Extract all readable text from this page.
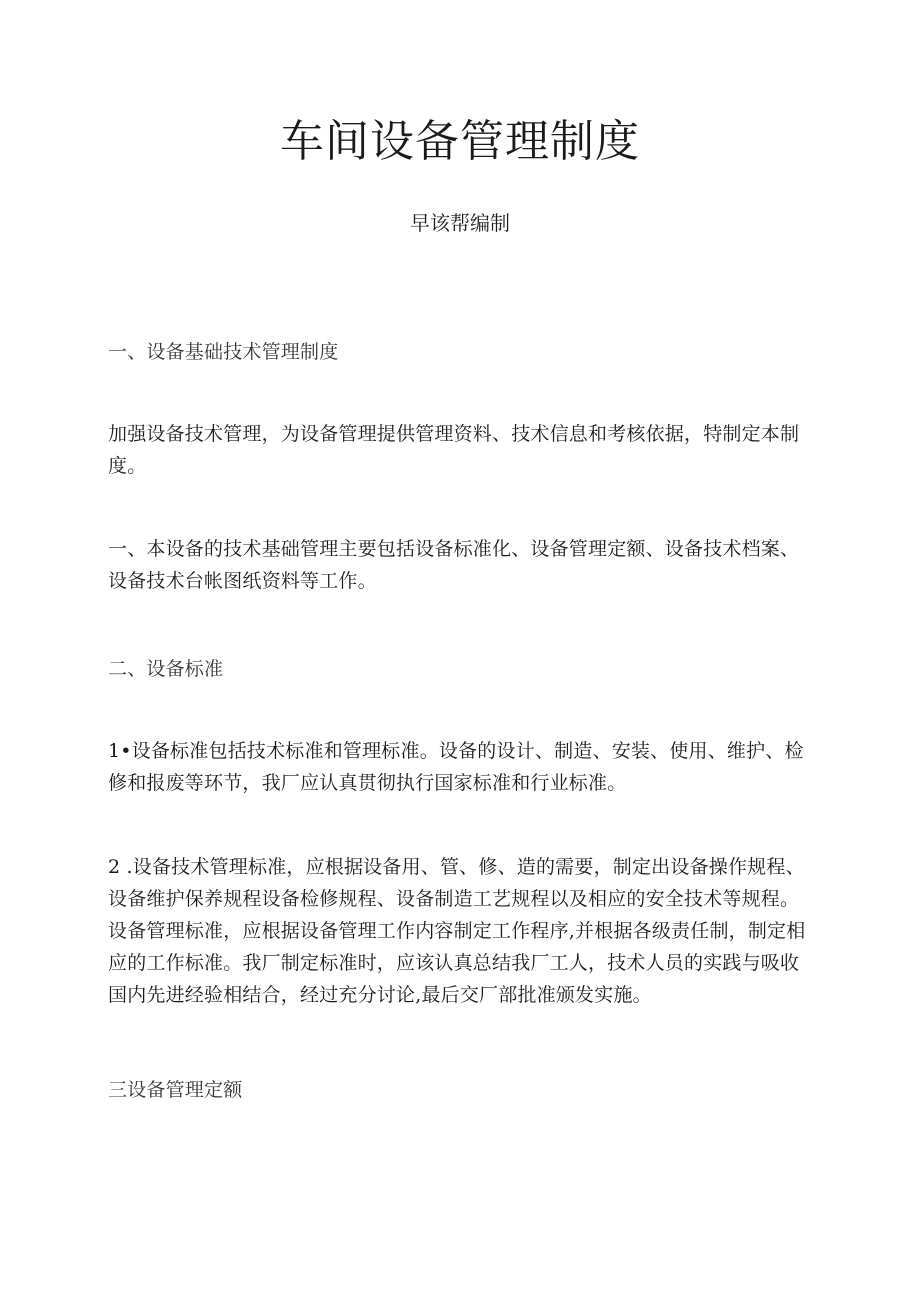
车间设备管理制度
早该帮编制

一、设备基础技术管理制度

加强设备技术管理，为设备管理提供管理资料、技术信息和考核依据，特制定本制度。

一、本设备的技术基础管理主要包括设备标准化、设备管理定额、设备技术档案、设备技术台帐图纸资料等工作。

二、设备标准

1•设备标准包括技术标准和管理标准。设备的设计、制造、安装、使用、维护、检修和报废等环节，我厂应认真贯彻执行国家标准和行业标准。

2 .设备技术管理标准，应根据设备用、管、修、造的需要，制定出设备操作规程、设备维护保养规程设备检修规程、设备制造工艺规程以及相应的安全技术等规程。设备管理标准，应根据设备管理工作内容制定工作程序,并根据各级责任制，制定相应的工作标准。我厂制定标准时，应该认真总结我厂工人，技术人员的实践与吸收国内先进经验相结合，经过充分讨论,最后交厂部批准颁发实施。

三设备管理定额
